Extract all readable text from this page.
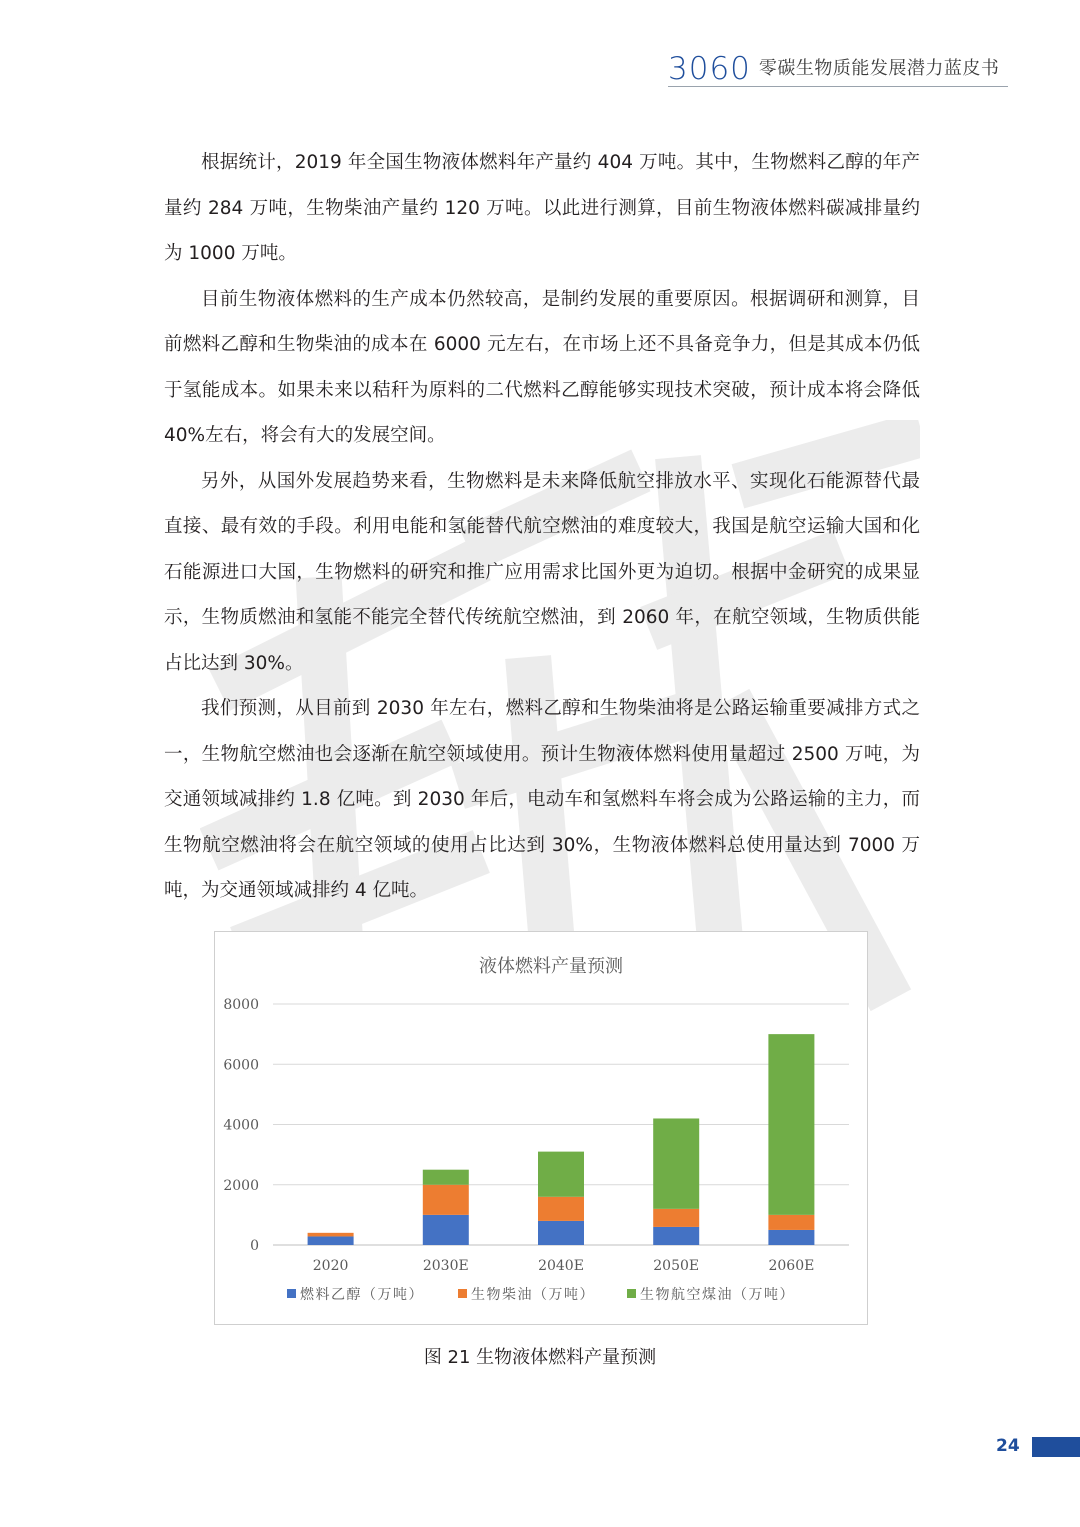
3060 零碳生物质能发展潜力蓝皮书

根据统计，2019 年全国生物液体燃料年产量约 404 万吨。其中，生物燃料乙醇的年产量约 284 万吨，生物柴油产量约 120 万吨。以此进行测算，目前生物液体燃料碳减排量约为 1000 万吨。

目前生物液体燃料的生产成本仍然较高，是制约发展的重要原因。根据调研和测算，目前燃料乙醇和生物柴油的成本在 6000 元左右，在市场上还不具备竞争力，但是其成本仍低于氢能成本。如果未来以秸秆为原料的二代燃料乙醇能够实现技术突破，预计成本将会降低 40%左右，将会有大的发展空间。

另外，从国外发展趋势来看，生物燃料是未来降低航空排放水平、实现化石能源替代最直接、最有效的手段。利用电能和氢能替代航空燃油的难度较大，我国是航空运输大国和化石能源进口大国，生物燃料的研究和推广应用需求比国外更为迫切。根据中金研究的成果显示，生物质燃油和氢能不能完全替代传统航空燃油，到 2060 年，在航空领域，生物质供能占比达到 30%。

我们预测，从目前到 2030 年左右，燃料乙醇和生物柴油将是公路运输重要减排方式之一，生物航空燃油也会逐渐在航空领域使用。预计生物液体燃料使用量超过 2500 万吨，为交通领域减排约 1.8 亿吨。到 2030 年后，电动车和氢燃料车将会成为公路运输的主力，而生物航空燃油将会在航空领域的使用占比达到 30%，生物液体燃料总使用量达到 7000 万吨，为交通领域减排约 4 亿吨。

液体燃料产量预测
0
2000
4000
6000
8000
2020	2030E	2040E	2050E	2060E
燃料乙醇（万吨）	生物柴油（万吨）	生物航空煤油（万吨）
图 21 生物液体燃料产量预测
24
